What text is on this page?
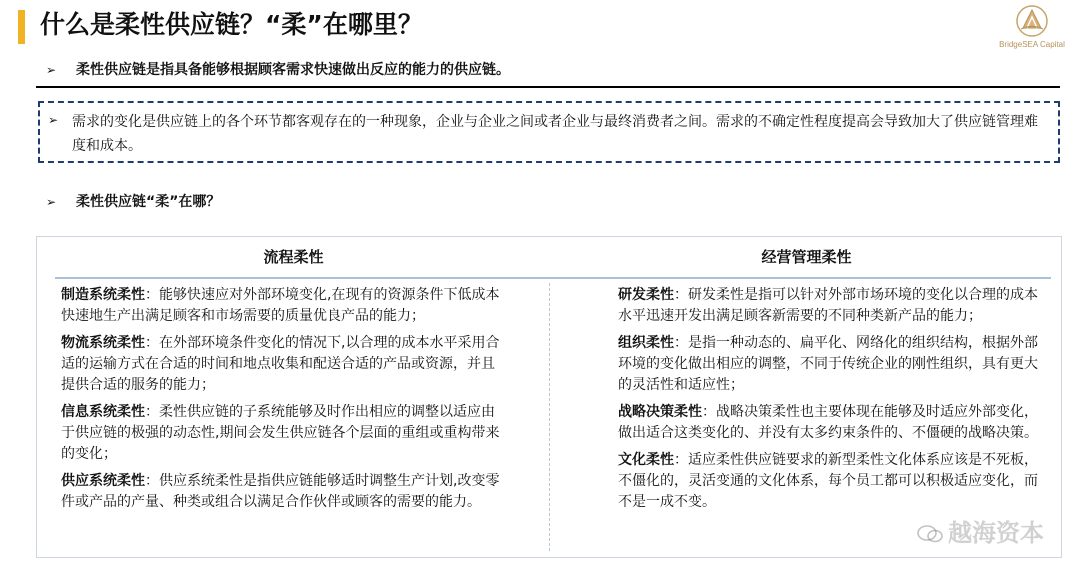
什么是柔性供应链？“柔”在哪里？
BridgeSEA Capital
➢ 柔性供应链是指具备能够根据顾客需求快速做出反应的能力的供应链。
➢ 需求的变化是供应链上的各个环节都客观存在的一种现象，企业与企业之间或者企业与最终消费者之间。需求的不确定性程度提高会导致加大了供应链管理难度和成本。
➢ 柔性供应链“柔”在哪？
流程柔性
制造系统柔性：能够快速应对外部环境变化,在现有的资源条件下低成本快速地生产出满足顾客和市场需要的质量优良产品的能力；
物流系统柔性：在外部环境条件变化的情况下,以合理的成本水平采用合适的运输方式在合适的时间和地点收集和配送合适的产品或资源，并且提供合适的服务的能力；
信息系统柔性：柔性供应链的子系统能够及时作出相应的调整以适应由于供应链的极强的动态性,期间会发生供应链各个层面的重组或重构带来的变化；
供应系统柔性：供应系统柔性是指供应链能够适时调整生产计划,改变零件或产品的产量、种类或组合以满足合作伙伴或顾客的需要的能力。
经营管理柔性
研发柔性：研发柔性是指可以针对外部市场环境的变化以合理的成本水平迅速开发出满足顾客新需要的不同种类新产品的能力；
组织柔性：是指一种动态的、扁平化、网络化的组织结构，根据外部环境的变化做出相应的调整，不同于传统企业的刚性组织，具有更大的灵活性和适应性；
战略决策柔性：战略决策柔性也主要体现在能够及时适应外部变化，做出适合这类变化的、并没有太多约束条件的、不僵硬的战略决策。
文化柔性：适应柔性供应链要求的新型柔性文化体系应该是不死板，不僵化的，灵活变通的文化体系，每个员工都可以积极适应变化，而不是一成不变。
越海资本
